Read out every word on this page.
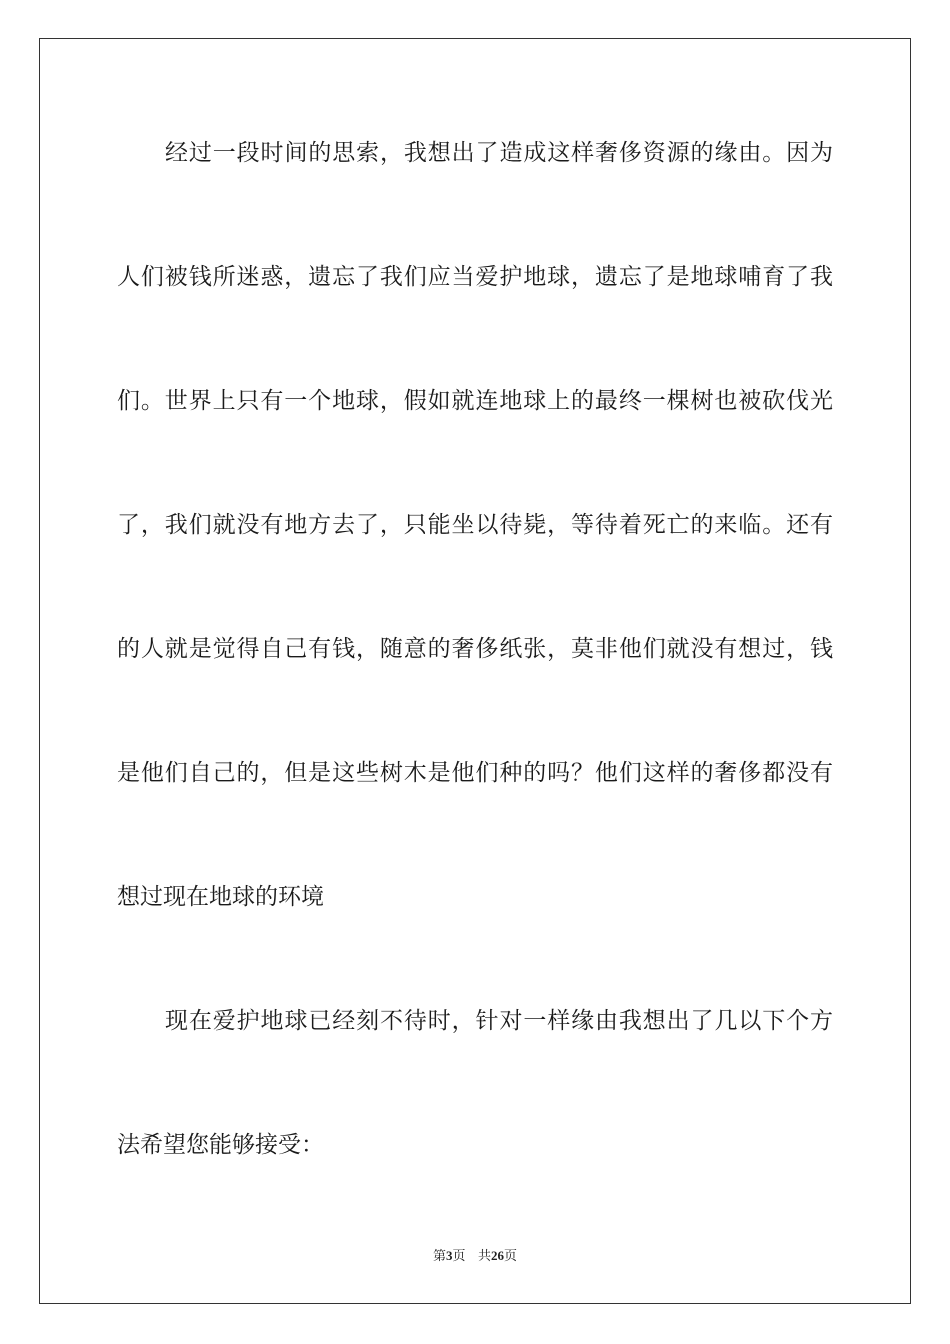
经过一段时间的思索，我想出了造成这样奢侈资源的缘由。因为
人们被钱所迷惑，遗忘了我们应当爱护地球，遗忘了是地球哺育了我
们。世界上只有一个地球，假如就连地球上的最终一棵树也被砍伐光
了，我们就没有地方去了，只能坐以待毙，等待着死亡的来临。还有
的人就是觉得自己有钱，随意的奢侈纸张，莫非他们就没有想过，钱
是他们自己的，但是这些树木是他们种的吗？他们这样的奢侈都没有
想过现在地球的环境
现在爱护地球已经刻不待时，针对一样缘由我想出了几以下个方
法希望您能够接受：
第3页 共26页
